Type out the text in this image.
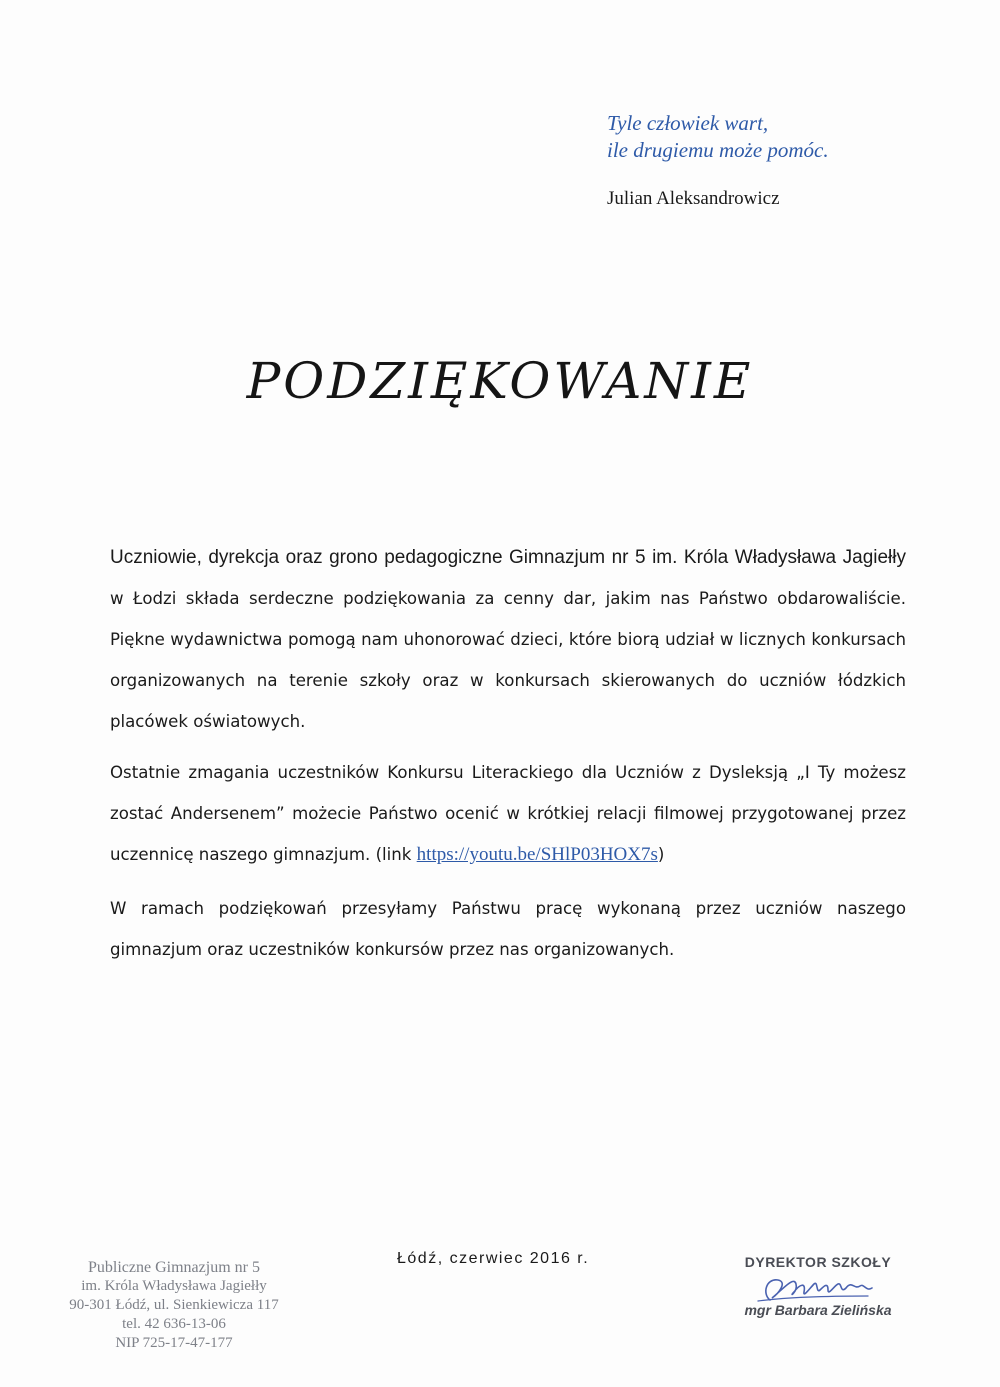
Tyle człowiek wart,
ile drugiemu może pomóc.
Julian Aleksandrowicz
PODZIĘKOWANIE
Uczniowie, dyrekcja oraz grono pedagogiczne Gimnazjum nr 5 im. Króla Władysława Jagiełły w Łodzi składa serdeczne podziękowania za cenny dar, jakim nas Państwo obdarowaliście. Piękne wydawnictwa pomogą nam uhonorować dzieci, które biorą udział w licznych konkursach organizowanych na terenie szkoły oraz w konkursach skierowanych do uczniów łódzkich placówek oświatowych.
Ostatnie zmagania uczestników Konkursu Literackiego dla Uczniów z Dysleksją „I Ty możesz zostać Andersenem” możecie Państwo ocenić w krótkiej relacji filmowej przygotowanej przez uczennicę naszego gimnazjum. (link https://youtu.be/SHlP03HOX7s)
W ramach podziękowań przesyłamy Państwu pracę wykonaną przez uczniów naszego gimnazjum oraz uczestników konkursów przez nas organizowanych.
Łódź, czerwiec 2016 r.
Publiczne Gimnazjum nr 5
im. Króla Władysława Jagiełły
90-301 Łódź, ul. Sienkiewicza 117
tel. 42 636-13-06
NIP 725-17-47-177
DYREKTOR SZKOŁY
mgr Barbara Zielińska
